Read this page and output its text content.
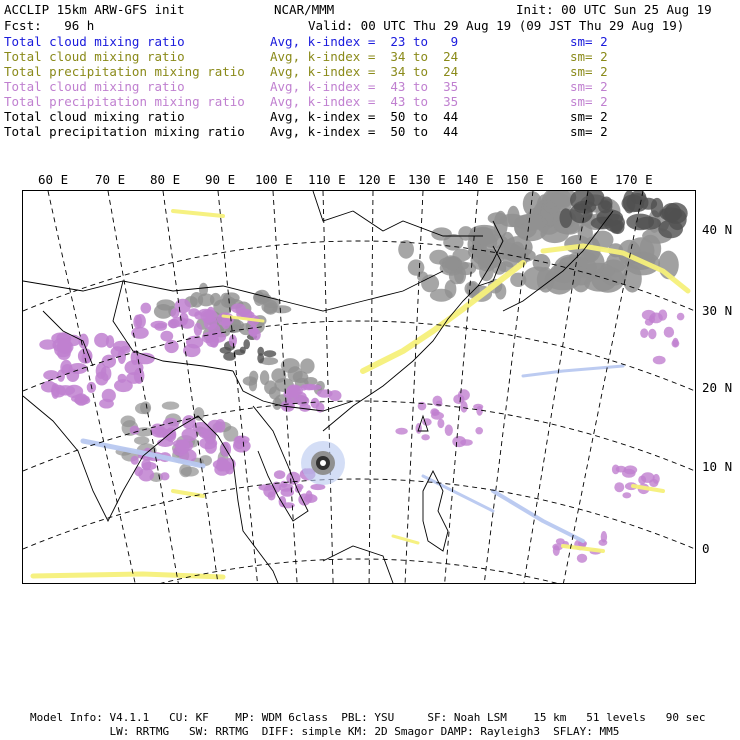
ACCLIP 15km ARW-GFS init	NCAR/MMM	Init: 00 UTC Sun 25 Aug 19
Fcst:   96 h	Valid: 00 UTC Thu 29 Aug 19 (09 JST Thu 29 Aug 19)
Total cloud mixing ratio	Avg, k-index =  23 to   9	sm= 2
Total cloud mixing ratio	Avg, k-index =  34 to  24	sm= 2
Total precipitation mixing ratio Avg, k-index =  34 to  24	sm= 2
Total cloud mixing ratio	Avg, k-index =  43 to  35	sm= 2
Total precipitation mixing ratio Avg, k-index =  43 to  35	sm= 2
Total cloud mixing ratio	Avg, k-index =  50 to  44	sm= 2
Total precipitation mixing ratio Avg, k-index =  50 to  44	sm= 2
60 E 70 E 80 E 90 E 100 E 110 E 120 E 130 E 140 E 150 E 160 E 170 E
40 N
30 N
20 N
10 N
0
Model Info: V4.1.1   CU: KF    MP: WDM 6class  PBL: YSU     SF: Noah LSM    15 km   51 levels   90 sec
LW: RRTMG   SW: RRTMG  DIFF: simple KM: 2D Smagor DAMP: Rayleigh3  SFLAY: MM5
